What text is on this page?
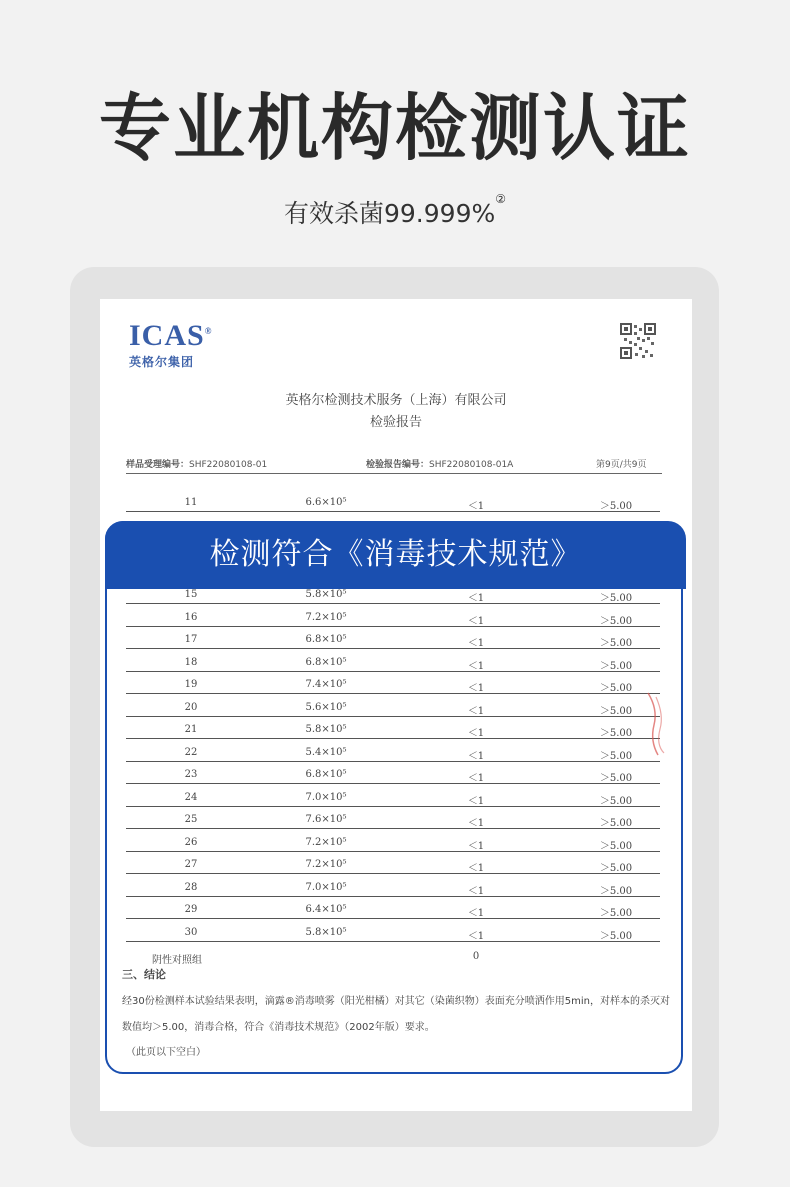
专业机构检测认证
有效杀菌99.999%②
ICAS®
英格尔集团
英格尔检测技术服务（上海）有限公司
检验报告
样品受理编号：SHF22080108-01	检验报告编号：SHF22080108-01A	第9页/共9页
11	6.6×10⁵	＜1	＞5.00
15	5.8×10⁵	＜1	＞5.00
16	7.2×10⁵	＜1	＞5.00
17	6.8×10⁵	＜1	＞5.00
18	6.8×10⁵	＜1	＞5.00
19	7.4×10⁵	＜1	＞5.00
20	5.6×10⁵	＜1	＞5.00
21	5.8×10⁵	＜1	＞5.00
22	5.4×10⁵	＜1	＞5.00
23	6.8×10⁵	＜1	＞5.00
24	7.0×10⁵	＜1	＞5.00
25	7.6×10⁵	＜1	＞5.00
26	7.2×10⁵	＜1	＞5.00
27	7.2×10⁵	＜1	＞5.00
28	7.0×10⁵	＜1	＞5.00
29	6.4×10⁵	＜1	＞5.00
30	5.8×10⁵	＜1	＞5.00
阴性对照组	0
三、结论
经30份检测样本试验结果表明，滴露®消毒喷雾（阳光柑橘）对其它（染菌织物）表面充分喷洒作用5min，对样本的杀灭对数值均＞5.00，消毒合格，符合《消毒技术规范》（2002年版）要求。
（此页以下空白）
检测符合《消毒技术规范》
